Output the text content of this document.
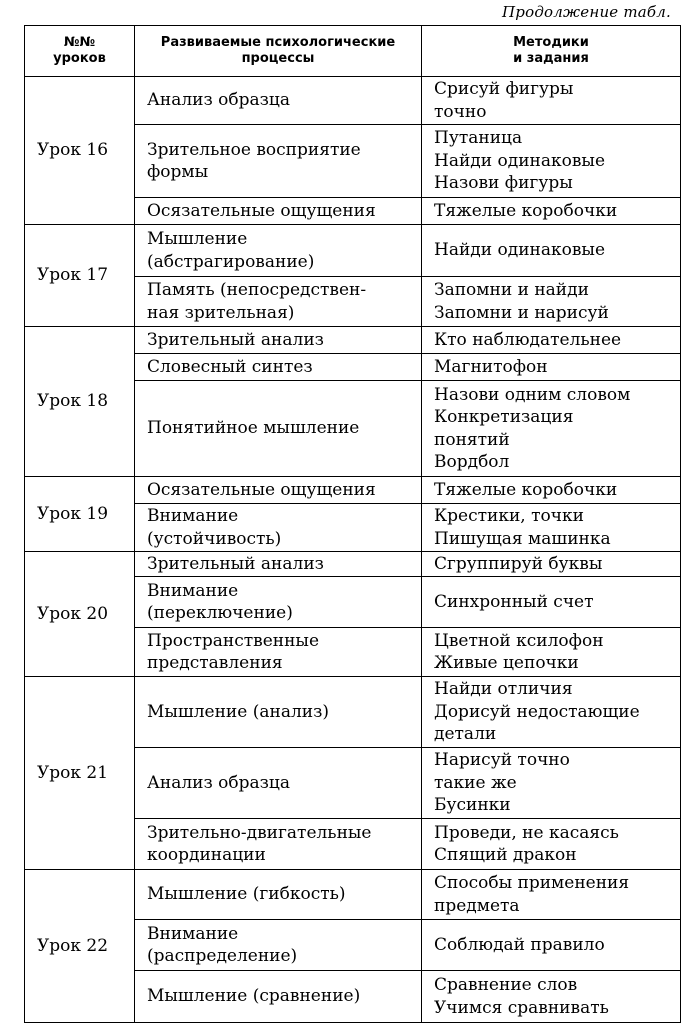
Продолжение табл.
№№
уроков	Развиваемые психологические
процессы	Методики
и задания

Урок 16	Анализ образца	Срисуй фигуры
точно

	Зрительное восприятие
формы	Путаница
Найди одинаковые
Назови фигуры

	Осязательные ощущения	Тяжелые коробочки

Урок 17	Мышление
(абстрагирование)	Найди одинаковые

	Память (непосредствен-
ная зрительная)	Запомни и найди
Запомни и нарисуй

Урок 18	Зрительный анализ	Кто наблюдательнее

	Словесный синтез	Магнитофон

	Понятийное мышление	Назови одним словом
Конкретизация
понятий
Вордбол

Урок 19	Осязательные ощущения	Тяжелые коробочки

	Внимание
(устойчивость)	Крестики, точки
Пишущая машинка

Урок 20	Зрительный анализ	Сгруппируй буквы

	Внимание
(переключение)	Синхронный счет

	Пространственные
представления	Цветной ксилофон
Живые цепочки

Урок 21	Мышление (анализ)	Найди отличия
Дорисуй недостающие
детали

	Анализ образца	Нарисуй точно
такие же
Бусинки

	Зрительно-двигательные
координации	Проведи, не касаясь
Спящий дракон

Урок 22	Мышление (гибкость)	Способы применения
предмета

	Внимание
(распределение)	Соблюдай правило

	Мышление (сравнение)	Сравнение слов
Учимся сравнивать
